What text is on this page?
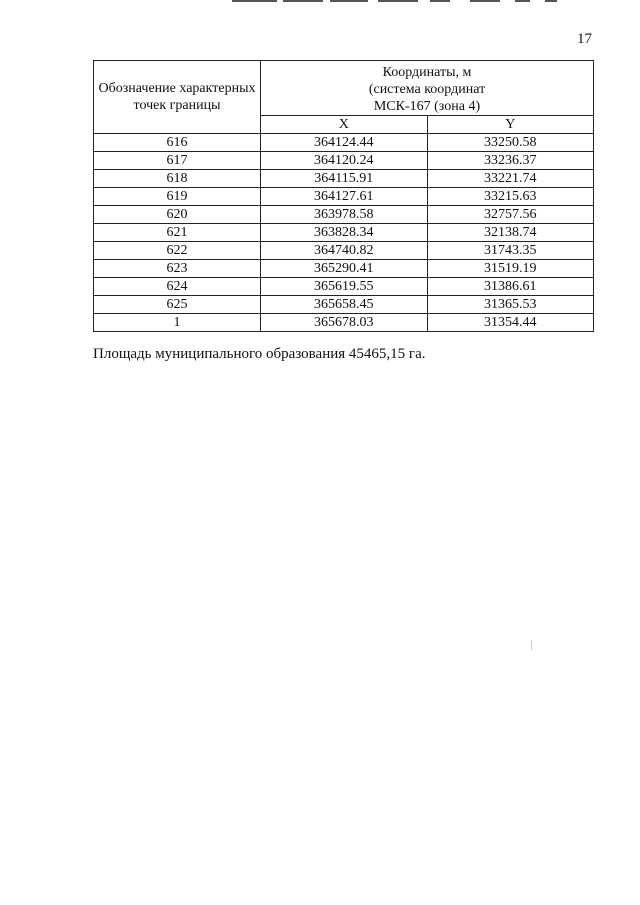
17
Обозначение характерных точек границы	Координаты, м
(система координат
МСК-167 (зона 4)	

	X	Y
616	364124.44	33250.58
617	364120.24	33236.37
618	364115.91	33221.74
619	364127.61	33215.63
620	363978.58	32757.56
621	363828.34	32138.74
622	364740.82	31743.35
623	365290.41	31519.19
624	365619.55	31386.61
625	365658.45	31365.53
1	365678.03	31354.44
Площадь муниципального образования 45465,15 га.
